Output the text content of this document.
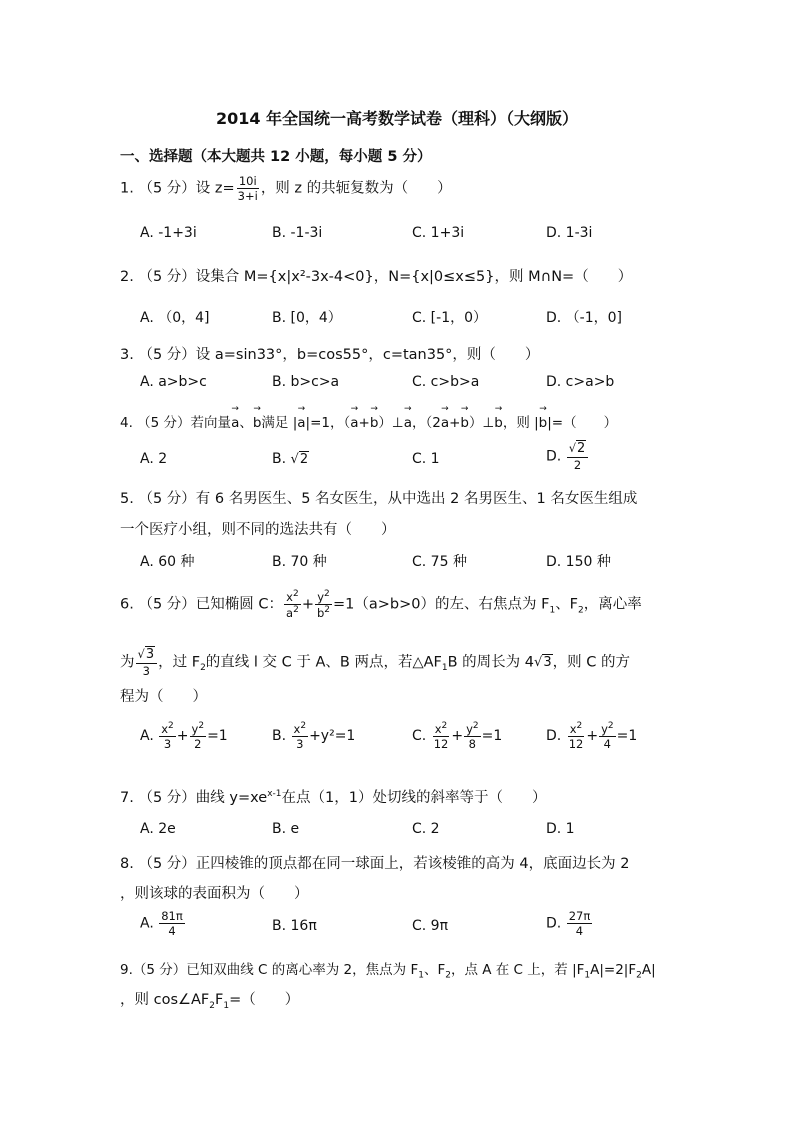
2014 年全国统一高考数学试卷（理科）（大纲版）
一、选择题（本大题共 12 小题，每小题 5 分）
1. （5 分）设 $z= \frac{10i}{3+i}$ ，则 z 的共轭复数为（　　）
A. -1+3i	B. -1-3i	C. 1+3i	D. 1-3i
2. （5 分）设集合 M={x|x²-3x-4<0}，N={x|0≤x≤5}，则 M∩N=（　　）
A. （0，4]	B. [0，4）	C. [-1，0）	D. （-1，0]
3. （5 分）设 a=sin33°，b=cos55°，c=tan35°，则（　　）
A. a>b>c	B. b>c>a	C. c>b>a	D. c>a>b
4. （5 分）若向量→ a、→ b满足 |→ a|=1，（→ a+→ b）⊥→ a，（2→ a+→ b）⊥→ b，则 |→ b|=（　　）
A. 2	B. √2	C. 1	D. $\frac{√2}{2}$
5. （5 分）有 6 名男医生、5 名女医生，从中选出 2 名男医生、1 名女医生组成
一个医疗小组，则不同的选法共有（　　）
A. 60 种	B. 70 种	C. 75 种	D. 150 种
6. （5 分）已知椭圆 C： $\frac{x^2}{a^2} + \frac{y^2}{b^2} =1(a>b>0)$的左、右焦点为 $F_1$、$F_2$，离心率
为 $\frac{√3}{3}$ ，过 $F_2$的直线 l 交 C 于 A、B 两点，若$\triangle AF_1B$ 的周长为 4√3，则 C 的方
程为（　　）
A. $\frac{x^2}{3} + \frac{y^2}{2} =1$	B. $\frac{x^2}{3} +y^2=1$	C. $\frac{x^2}{12} + \frac{y^2}{8} =1$	D. $\frac{x^2}{12} + \frac{y^2}{4} =1$
7. （5 分）曲线 $y=xe^{x-1}$在点（1，1）处切线的斜率等于（　　）
A. 2e	B. e	C. 2	D. 1
8. （5 分）正四棱锥的顶点都在同一球面上，若该棱锥的高为 4，底面边长为 2
，则该球的表面积为（　　）
A. $\frac{81\pi}{4}$	B. 16π	C. 9π	D. $\frac{27\pi}{4}$
9.（5 分）已知双曲线 C 的离心率为 2，焦点为 $F_1$、$F_2$，点 A 在 C 上，若 $|F_1A|=2|F_2A|$
，则 $\cos\angle AF_2F_1=$（　　）
